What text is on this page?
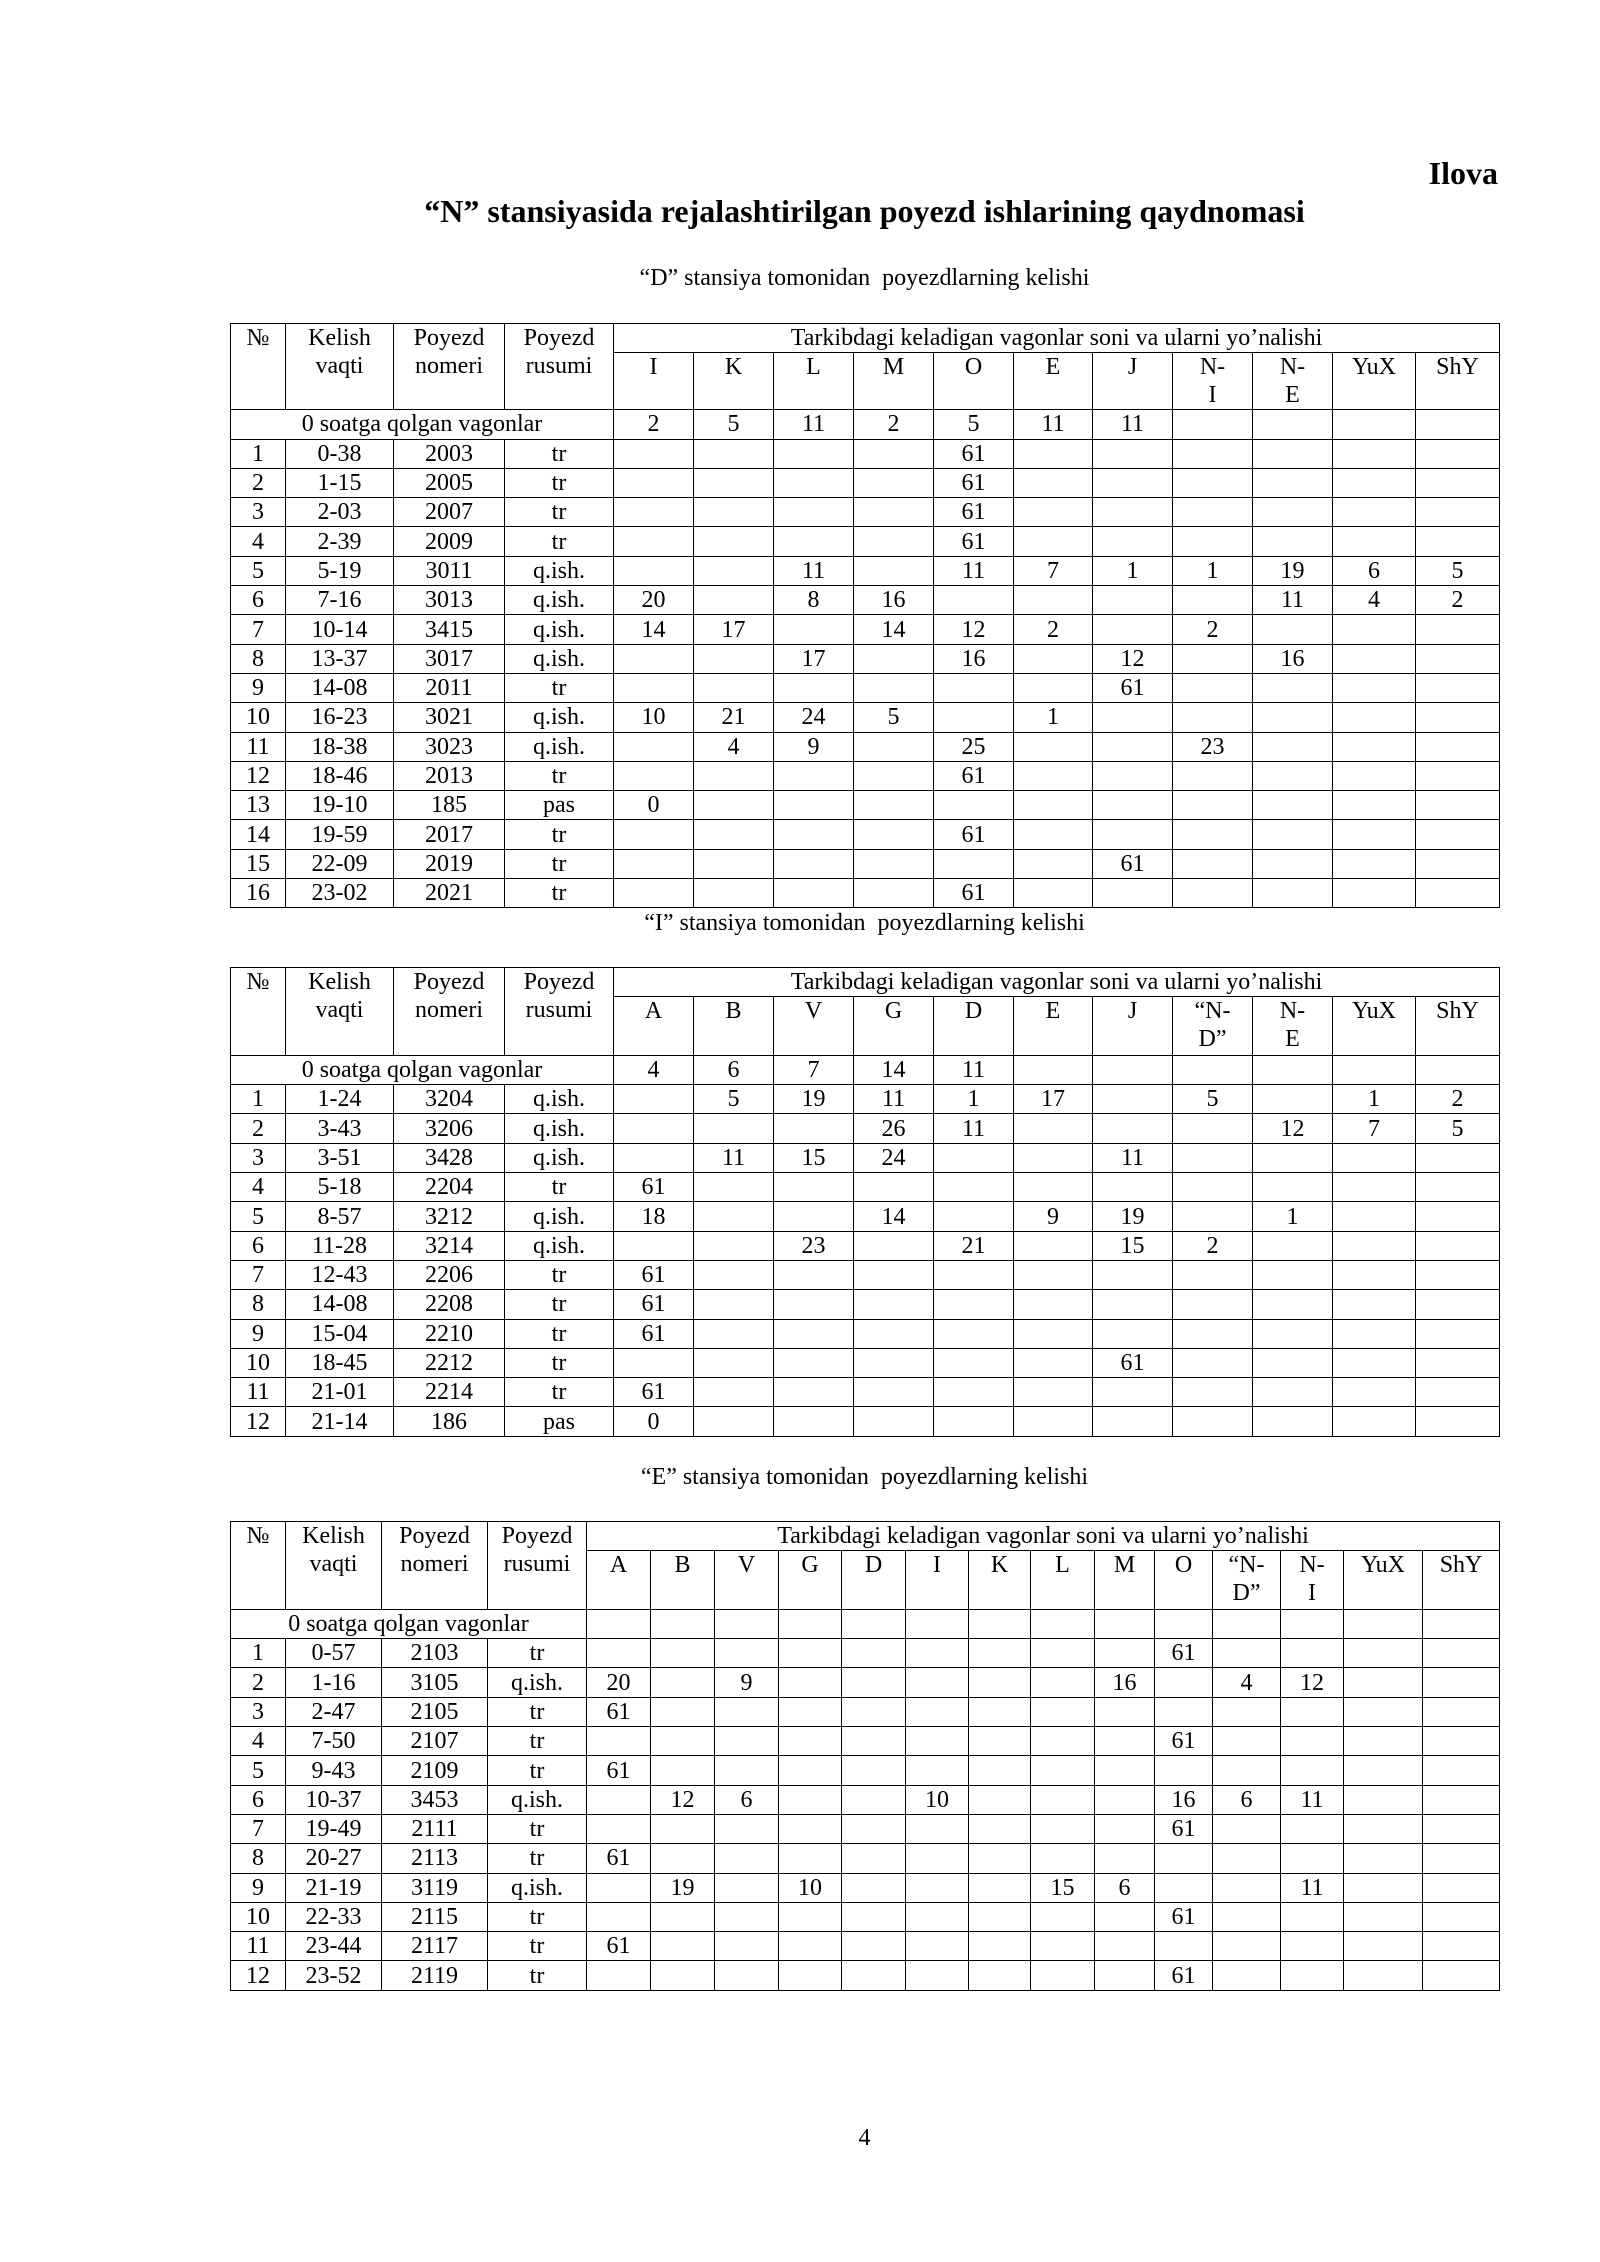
Ilova
“N” stansiyasida rejalashtirilgan poyezd ishlarining qaydnomasi
“D” stansiya tomonidan  poyezdlarning kelishi
№	Kelish vaqti	Poyezd nomeri	Poyezd rusumi	Tarkibdagi keladigan vagonlar soni va ularni yo’nalishi										
				I	K	L	M	O	E	J	N-I	N-E	YuX	ShY
0 soatga qolgan vagonlar				2	5	11	2	5	11	11				
1	0-38	2003	tr					61						
2	1-15	2005	tr					61						
3	2-03	2007	tr					61						
4	2-39	2009	tr					61						
5	5-19	3011	q.ish.			11		11	7	1	1	19	6	5
6	7-16	3013	q.ish.	20		8	16					11	4	2
7	10-14	3415	q.ish.	14	17		14	12	2		2			
8	13-37	3017	q.ish.			17		16		12		16		
9	14-08	2011	tr							61				
10	16-23	3021	q.ish.	10	21	24	5		1					
11	18-38	3023	q.ish.		4	9		25			23			
12	18-46	2013	tr					61						
13	19-10	185	pas	0										
14	19-59	2017	tr					61						
15	22-09	2019	tr							61				
16	23-02	2021	tr					61						
“I” stansiya tomonidan  poyezdlarning kelishi
№	Kelish vaqti	Poyezd nomeri	Poyezd rusumi	Tarkibdagi keladigan vagonlar soni va ularni yo’nalishi										
				A	B	V	G	D	E	J	“N-D”	N-E	YuX	ShY
0 soatga qolgan vagonlar				4	6	7	14	11						
1	1-24	3204	q.ish.		5	19	11	1	17		5		1	2
2	3-43	3206	q.ish.				26	11				12	7	5
3	3-51	3428	q.ish.		11	15	24			11				
4	5-18	2204	tr	61										
5	8-57	3212	q.ish.	18			14		9	19		1		
6	11-28	3214	q.ish.			23		21		15	2			
7	12-43	2206	tr	61										
8	14-08	2208	tr	61										
9	15-04	2210	tr	61										
10	18-45	2212	tr							61				
11	21-01	2214	tr	61										
12	21-14	186	pas	0										
“E” stansiya tomonidan  poyezdlarning kelishi
№	Kelish vaqti	Poyezd nomeri	Poyezd rusumi	Tarkibdagi keladigan vagonlar soni va ularni yo’nalishi													
				A	B	V	G	D	I	K	L	M	O	“N-D”	N-I	YuX	ShY
0 soatga qolgan vagonlar																	
1	0-57	2103	tr										61				
2	1-16	3105	q.ish.	20		9						16		4	12		
3	2-47	2105	tr	61													
4	7-50	2107	tr										61				
5	9-43	2109	tr	61													
6	10-37	3453	q.ish.		12	6			10				16	6	11		
7	19-49	2111	tr										61				
8	20-27	2113	tr	61													
9	21-19	3119	q.ish.		19		10				15	6			11		
10	22-33	2115	tr										61				
11	23-44	2117	tr	61													
12	23-52	2119	tr										61				
4
